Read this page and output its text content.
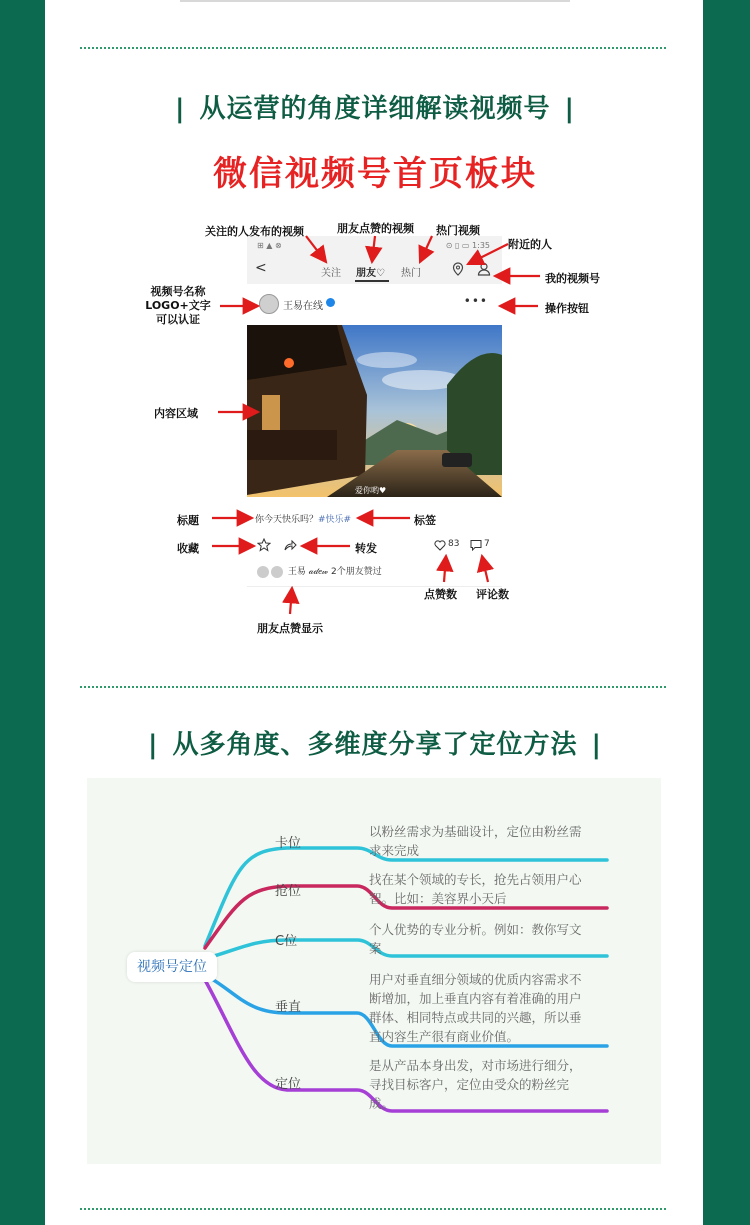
| 从运营的角度详细解读视频号 |
微信视频号首页板块
⊞ ▲ ⊗	⊙ ▯ ▭ 1:35
<	关注 朋友♡ 热门
王易在线	•••
爱你哟♥
你今天快乐吗？#快乐#
83	7
王易 𝒶𝒹𝑒𝓌 2个朋友赞过
关注的人发布的视频	朋友点赞的视频 热门视频
附近的人
我的视频号
视频号名称
LOGO+文字
可以认证
操作按钮
内容区域
标题	标签
收藏	转发
点赞数 评论数
朋友点赞显示
| 从多角度、多维度分享了定位方法 |
视频号定位
卡位
以粉丝需求为基础设计，定位由粉丝需
求来完成
抢位
找在某个领域的专长，抢先占领用户心
智。比如：美容界小天后
C位
个人优势的专业分析。例如：教你写文
案
垂直
用户对垂直细分领域的优质内容需求不
断增加，加上垂直内容有着准确的用户
群体、相同特点或共同的兴趣，所以垂
直内容生产很有商业价值。
定位
是从产品本身出发，对市场进行细分，
寻找目标客户，定位由受众的粉丝完
成。
